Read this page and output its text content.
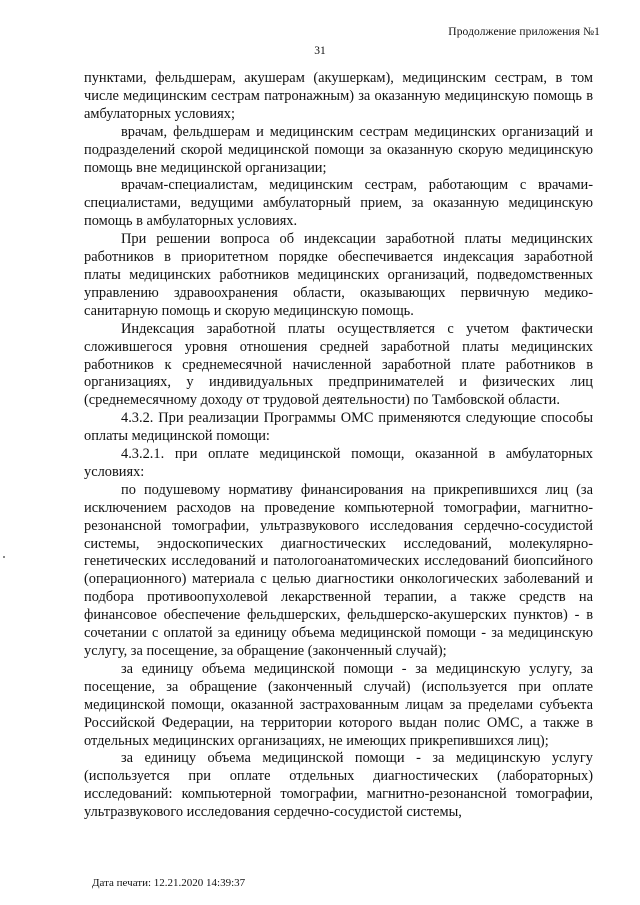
Продолжение приложения №1
31

пунктами, фельдшерам, акушерам (акушеркам), медицинским сестрам, в том числе медицинским сестрам патронажным) за оказанную медицинскую помощь в амбулаторных условиях;

врачам, фельдшерам и медицинским сестрам медицинских организаций и подразделений скорой медицинской помощи за оказанную скорую медицинскую помощь вне медицинской организации;

врачам-специалистам, медицинским сестрам, работающим с врачами-специалистами, ведущими амбулаторный прием, за оказанную медицинскую помощь в амбулаторных условиях.

При решении вопроса об индексации заработной платы медицинских работников в приоритетном порядке обеспечивается индексация заработной платы медицинских работников медицинских организаций, подведомственных управлению здравоохранения области, оказывающих первичную медико-санитарную помощь и скорую медицинскую помощь.

Индексация заработной платы осуществляется с учетом фактически сложившегося уровня отношения средней заработной платы медицинских работников к среднемесячной начисленной заработной плате работников в организациях, у индивидуальных предпринимателей и физических лиц (среднемесячному доходу от трудовой деятельности) по Тамбовской области.

4.3.2. При реализации Программы ОМС применяются следующие способы оплаты медицинской помощи:

4.3.2.1. при оплате медицинской помощи, оказанной в амбулаторных условиях:

по подушевому нормативу финансирования на прикрепившихся лиц (за исключением расходов на проведение компьютерной томографии, магнитно-резонансной томографии, ультразвукового исследования сердечно-сосудистой системы, эндоскопических диагностических исследований, молекулярно-генетических исследований и патологоанатомических исследований биопсийного (операционного) материала с целью диагностики онкологических заболеваний и подбора противоопухолевой лекарственной терапии, а также средств на финансовое обеспечение фельдшерских, фельдшерско-акушерских пунктов) - в сочетании с оплатой за единицу объема медицинской помощи - за медицинскую услугу, за посещение, за обращение (законченный случай);

за единицу объема медицинской помощи - за медицинскую услугу, за посещение, за обращение (законченный случай) (используется при оплате медицинской помощи, оказанной застрахованным лицам за пределами субъекта Российской Федерации, на территории которого выдан полис ОМС, а также в отдельных медицинских организациях, не имеющих прикрепившихся лиц);

за единицу объема медицинской помощи - за медицинскую услугу (используется при оплате отдельных диагностических (лабораторных) исследований: компьютерной томографии, магнитно-резонансной томографии, ультразвукового исследования сердечно-сосудистой системы,

Дата печати: 12.21.2020 14:39:37
